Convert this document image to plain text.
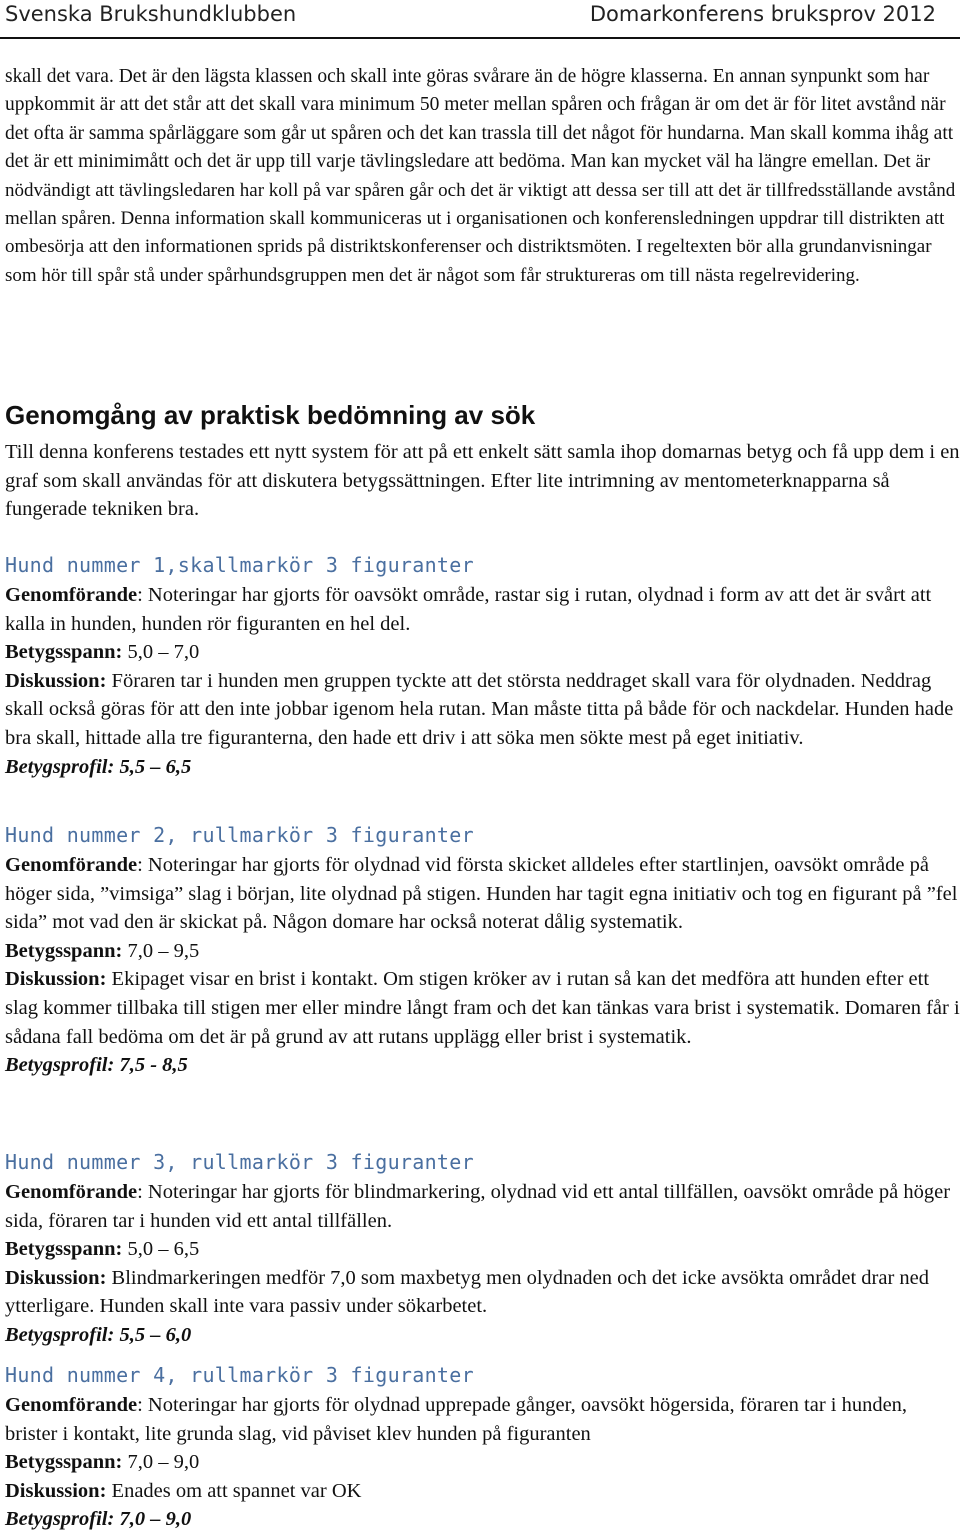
Svenska Brukshundklubben	Domarkonferens bruksprov 2012
skall det vara. Det är den lägsta klassen och skall inte göras svårare än de högre klasserna. En annan synpunkt som har uppkommit är att det står att det skall vara minimum 50 meter mellan spåren och frågan är om det är för litet avstånd när det ofta är samma spårläggare som går ut spåren och det kan trassla till det något för hundarna. Man skall komma ihåg att det är ett minimimått och det är upp till varje tävlingsledare att bedöma. Man kan mycket väl ha längre emellan. Det är nödvändigt att tävlingsledaren har koll på var spåren går och det är viktigt att dessa ser till att det är tillfredsställande avstånd mellan spåren. Denna information skall kommuniceras ut i organisationen och konferensledningen uppdrar till distrikten att ombesörja att den informationen sprids på distriktskonferenser och distriktsmöten. I regeltexten bör alla grundanvisningar som hör till spår stå under spårhundsgruppen men det är något som får struktureras om till nästa regelrevidering.
Genomgång av praktisk bedömning av sök
Till denna konferens testades ett nytt system för att på ett enkelt sätt samla ihop domarnas betyg och få upp dem i en graf som skall användas för att diskutera betygssättningen. Efter lite intrimning av mentometerknapparna så fungerade tekniken bra.
Hund nummer 1,skallmarkör 3 figuranter
Genomförande: Noteringar har gjorts för oavsökt område, rastar sig i rutan, olydnad i form av att det är svårt att kalla in hunden, hunden rör figuranten en hel del.
Betygsspann: 5,0 – 7,0
Diskussion: Föraren tar i hunden men gruppen tyckte att det största neddraget skall vara för olydnaden. Neddrag skall också göras för att den inte jobbar igenom hela rutan. Man måste titta på både för och nackdelar. Hunden hade bra skall, hittade alla tre figuranterna, den hade ett driv i att söka men sökte mest på eget initiativ.
Betygsprofil: 5,5 – 6,5
Hund nummer 2, rullmarkör 3 figuranter
Genomförande: Noteringar har gjorts för olydnad vid första skicket alldeles efter startlinjen, oavsökt område på höger sida, ”vimsiga” slag i början, lite olydnad på stigen. Hunden har tagit egna initiativ och tog en figurant på ”fel sida” mot vad den är skickat på. Någon domare har också noterat dålig systematik.
Betygsspann: 7,0 – 9,5
Diskussion: Ekipaget visar en brist i kontakt. Om stigen kröker av i rutan så kan det medföra att hunden efter ett slag kommer tillbaka till stigen mer eller mindre långt fram och det kan tänkas vara brist i systematik. Domaren får i sådana fall bedöma om det är på grund av att rutans upplägg eller brist i systematik.
Betygsprofil: 7,5 - 8,5
Hund nummer 3, rullmarkör 3 figuranter
Genomförande: Noteringar har gjorts för blindmarkering, olydnad vid ett antal tillfällen, oavsökt område på höger sida, föraren tar i hunden vid ett antal tillfällen.
Betygsspann: 5,0 – 6,5
Diskussion: Blindmarkeringen medför 7,0 som maxbetyg men olydnaden och det icke avsökta området drar ned ytterligare. Hunden skall inte vara passiv under sökarbetet.
Betygsprofil: 5,5 – 6,0
Hund nummer 4, rullmarkör 3 figuranter
Genomförande: Noteringar har gjorts för olydnad upprepade gånger, oavsökt högersida, föraren tar i hunden, brister i kontakt, lite grunda slag, vid påviset klev hunden på figuranten
Betygsspann: 7,0 – 9,0
Diskussion: Enades om att spannet var OK
Betygsprofil: 7,0 – 9,0
